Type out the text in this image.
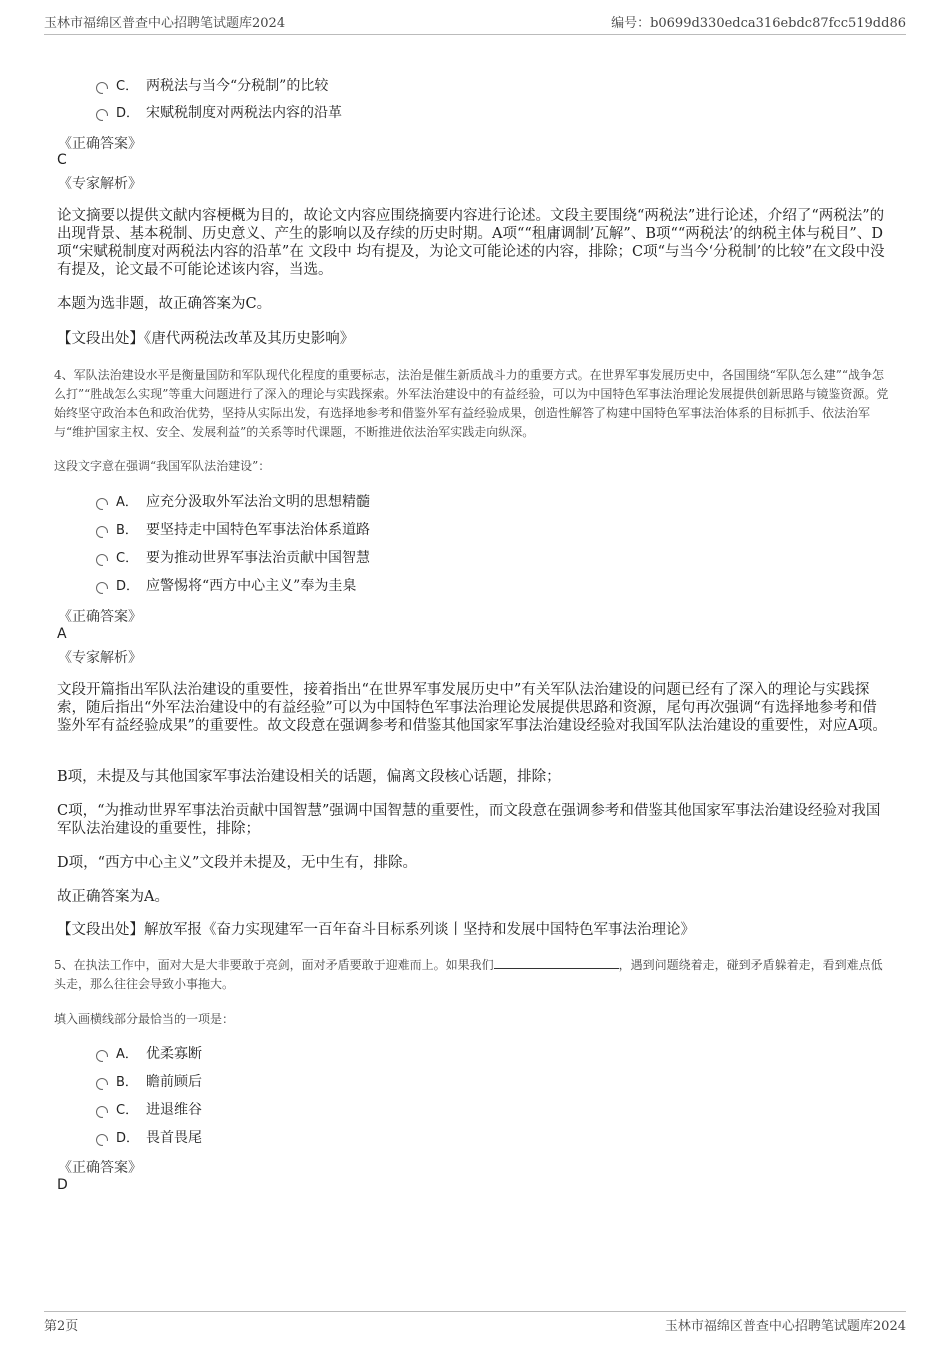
玉林市福绵区普查中心招聘笔试题库2024	编号：b0699d330edca316ebdc87fcc519dd86
C． 两税法与当今“分税制”的比较
D． 宋赋税制度对两税法内容的沿革
《正确答案》
C
《专家解析》
论文摘要以提供文献内容梗概为目的，故论文内容应围绕摘要内容进行论述。文段主要围绕“两税法”进行论述，介绍了“两税法”的出现背景、基本税制、历史意义、产生的影响以及存续的历史时期。A项““租庸调制’瓦解”、B项““两税法’的纳税主体与税目”、D项“宋赋税制度对两税法内容的沿革”在 文段中 均有提及，为论文可能论述的内容，排除；C项“与当今‘分税制’的比较”在文段中没有提及，论文最不可能论述该内容，当选。
本题为选非题，故正确答案为C。
【文段出处】《唐代两税法改革及其历史影响》
4、军队法治建设水平是衡量国防和军队现代化程度的重要标志，法治是催生新质战斗力的重要方式。在世界军事发展历史中，各国围绕“军队怎么建”“战争怎么打”“胜战怎么实现”等重大问题进行了深入的理论与实践探索。外军法治建设中的有益经验，可以为中国特色军事法治理论发展提供创新思路与镜鉴资源。党始终坚守政治本色和政治优势，坚持从实际出发，有选择地参考和借鉴外军有益经验成果，创造性解答了构建中国特色军事法治体系的目标抓手、依法治军与“维护国家主权、安全、发展利益”的关系等时代课题，不断推进依法治军实践走向纵深。
这段文字意在强调“我国军队法治建设”：
A． 应充分汲取外军法治文明的思想精髓
B． 要坚持走中国特色军事法治体系道路
C． 要为推动世界军事法治贡献中国智慧
D． 应警惕将“西方中心主义”奉为圭臬
《正确答案》
A
《专家解析》
文段开篇指出军队法治建设的重要性，接着指出“在世界军事发展历史中”有关军队法治建设的问题已经有了深入的理论与实践探索，随后指出“外军法治建设中的有益经验”可以为中国特色军事法治理论发展提供思路和资源，尾句再次强调“有选择地参考和借鉴外军有益经验成果”的重要性。故文段意在强调参考和借鉴其他国家军事法治建设经验对我国军队法治建设的重要性，对应A项。
B项，未提及与其他国家军事法治建设相关的话题，偏离文段核心话题，排除；
C项，“为推动世界军事法治贡献中国智慧”强调中国智慧的重要性，而文段意在强调参考和借鉴其他国家军事法治建设经验对我国军队法治建设的重要性，排除；
D项，“西方中心主义”文段并未提及，无中生有，排除。
故正确答案为A。
【文段出处】解放军报《奋力实现建军一百年奋斗目标系列谈丨坚持和发展中国特色军事法治理论》
5、在执法工作中，面对大是大非要敢于亮剑，面对矛盾要敢于迎难而上。如果我们	，遇到问题绕着走，碰到矛盾躲着走，看到难点低头走，那么往往会导致小事拖大。
填入画横线部分最恰当的一项是：
A． 优柔寡断
B． 瞻前顾后
C． 进退维谷
D． 畏首畏尾
《正确答案》
D
第2页	玉林市福绵区普查中心招聘笔试题库2024
